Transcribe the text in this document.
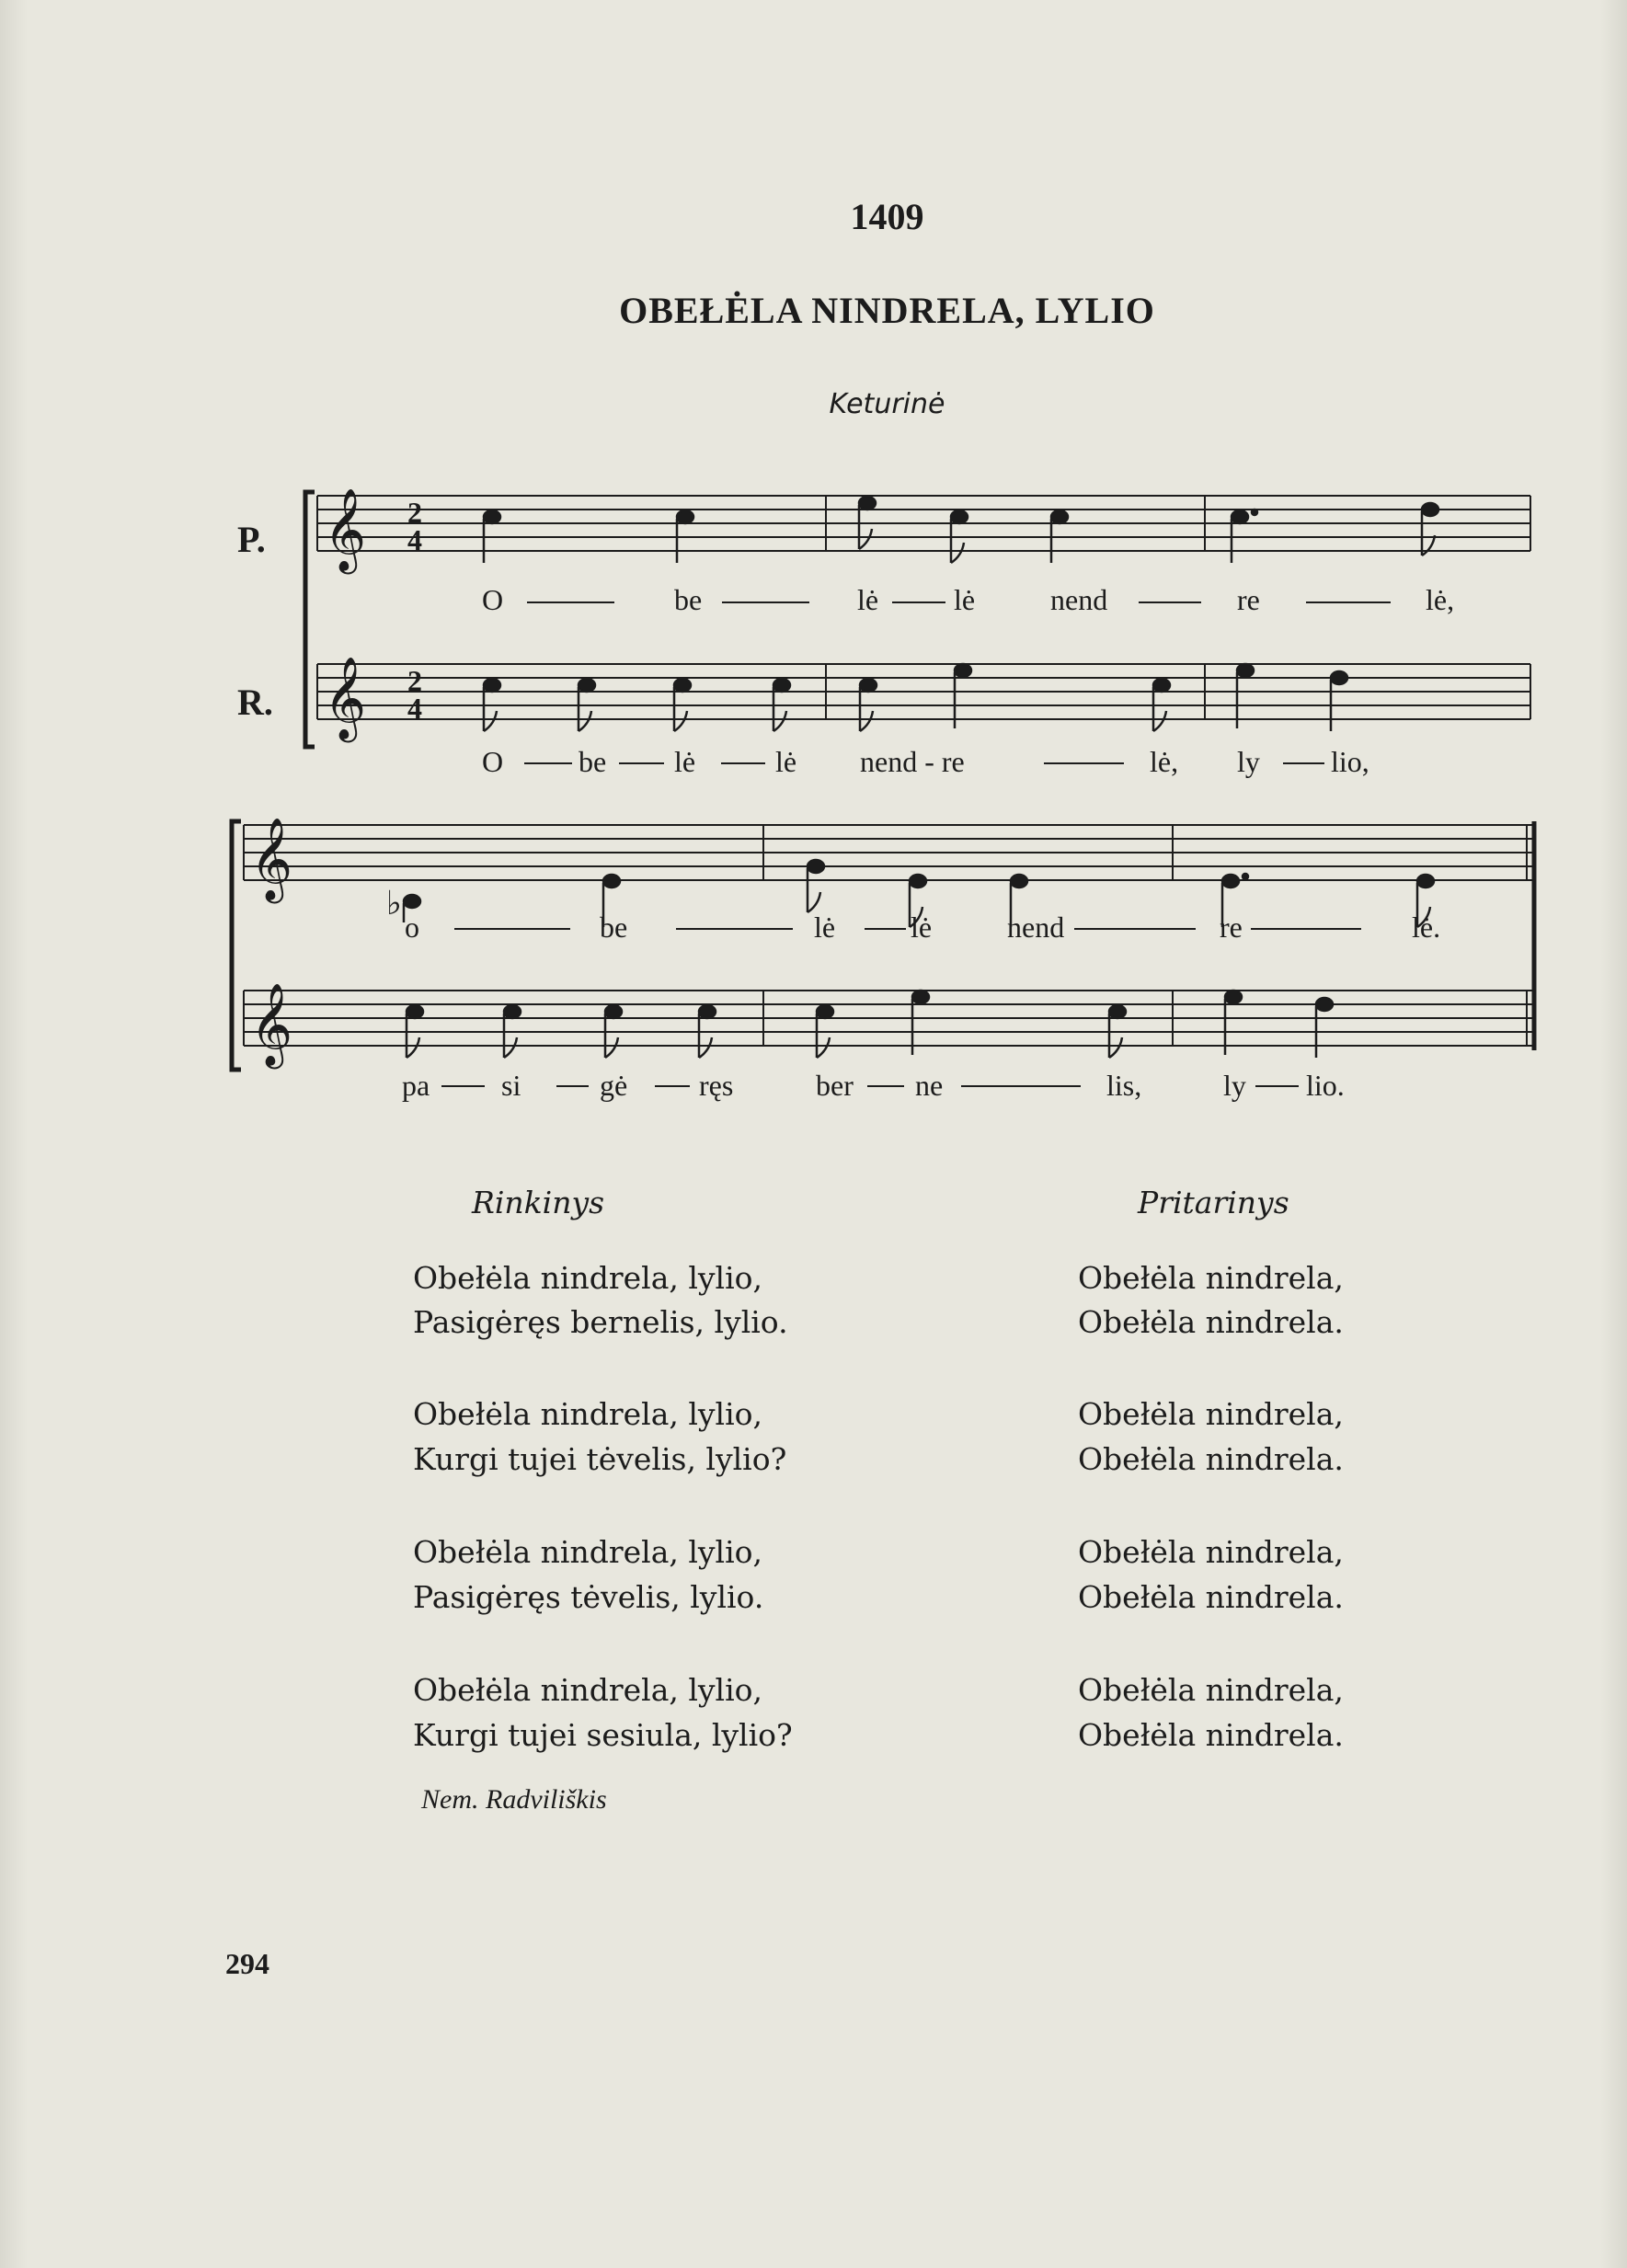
1409
OBEŁĖLA NINDRELA, LYLIO
Keturinė
P.
R.
𝄞
𝄞
2
4
2
4
𝄞
𝄞
♭
O	be	lė	lė	nend	re	lė,
O	be lė	lė nend - re	lė, ly lio,
o	be	lė	lė	nend	re	lė.
pa si	gė ręs	ber ne	lis,	ly lio.
Rinkinys	Pritarinys
Obełėla nindrela, lylio,
Pasigėręs bernelis, lylio.
Obełėla nindrela,
Obełėla nindrela.
Obełėla nindrela, lylio,
Kurgi tujei tėvelis, lylio?
Obełėla nindrela,
Obełėla nindrela.
Obełėla nindrela, lylio,
Pasigėręs tėvelis, lylio.
Obełėla nindrela,
Obełėla nindrela.
Obełėla nindrela, lylio,
Kurgi tujei sesiula, lylio?
Obełėla nindrela,
Obełėla nindrela.
Nem. Radviliškis
294
